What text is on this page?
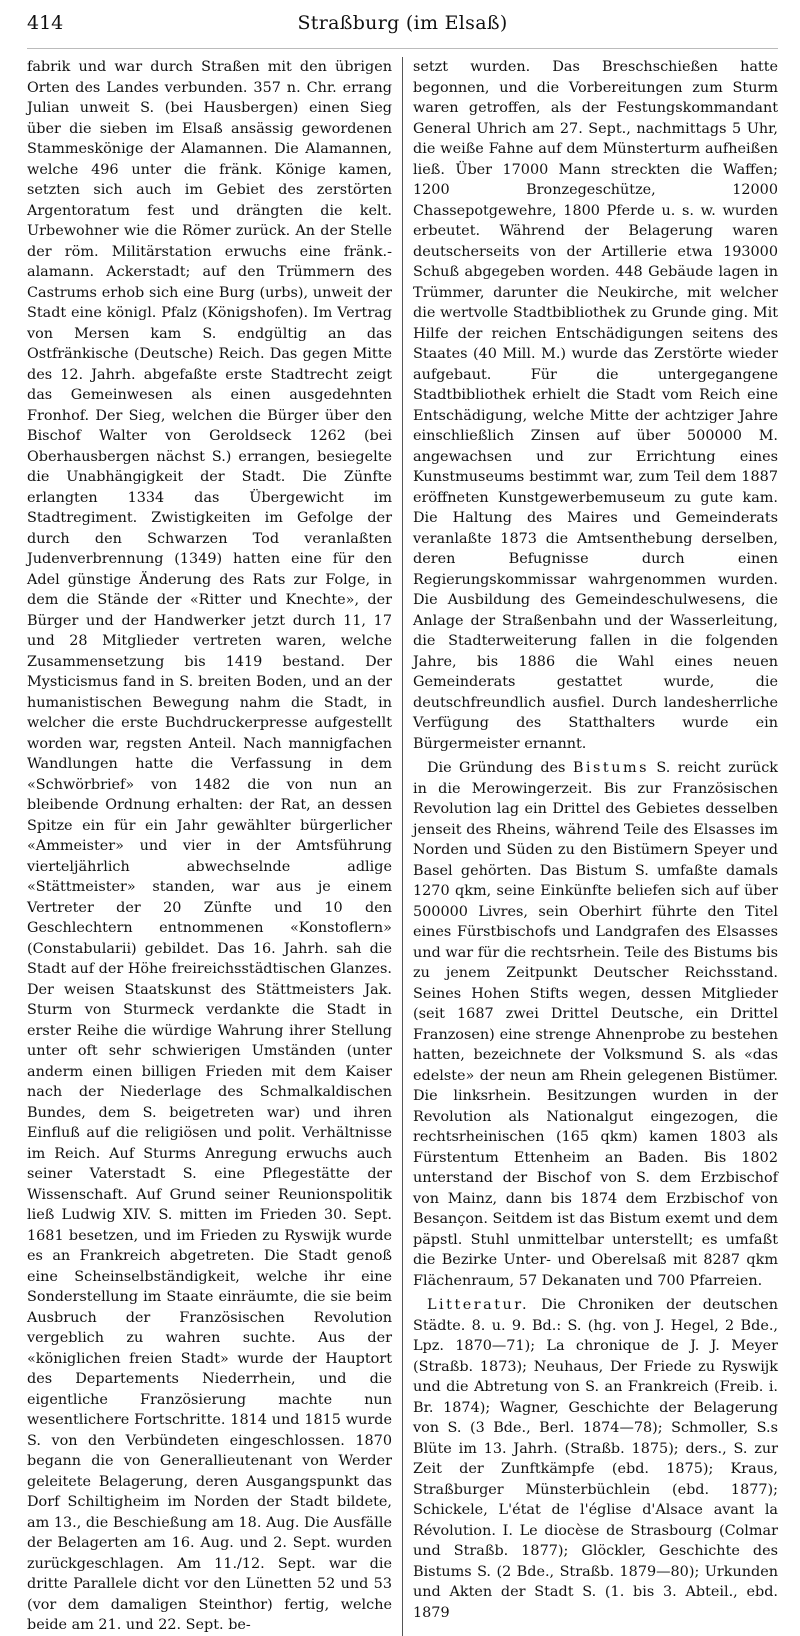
414	Straßburg (im Elsaß)

fabrik und war durch Straßen mit den übrigen Orten des Landes verbunden. 357 n. Chr. errang Julian unweit S. (bei Hausbergen) einen Sieg über die sieben im Elsaß ansässig gewordenen Stammeskönige der Alamannen. Die Alamannen, welche 496 unter die fränk. Könige kamen, setzten sich auch im Gebiet des zerstörten Argentoratum fest und drängten die kelt. Urbewohner wie die Römer zurück. An der Stelle der röm. Militärstation erwuchs eine fränk.-alamann. Ackerstadt; auf den Trümmern des Castrums erhob sich eine Burg (urbs), unweit der Stadt eine königl. Pfalz (Königshofen). Im Vertrag von Mersen kam S. endgültig an das Ostfränkische (Deutsche) Reich. Das gegen Mitte des 12. Jahrh. abgefaßte erste Stadtrecht zeigt das Gemeinwesen als einen ausgedehnten Fronhof. Der Sieg, welchen die Bürger über den Bischof Walter von Geroldseck 1262 (bei Oberhausbergen nächst S.) errangen, besiegelte die Unabhängigkeit der Stadt. Die Zünfte erlangten 1334 das Übergewicht im Stadtregiment. Zwistigkeiten im Gefolge der durch den Schwarzen Tod veranlaßten Judenverbrennung (1349) hatten eine für den Adel günstige Änderung des Rats zur Folge, in dem die Stände der «Ritter und Knechte», der Bürger und der Handwerker jetzt durch 11, 17 und 28 Mitglieder vertreten waren, welche Zusammensetzung bis 1419 bestand. Der Mysticismus fand in S. breiten Boden, und an der humanistischen Bewegung nahm die Stadt, in welcher die erste Buchdruckerpresse aufgestellt worden war, regsten Anteil. Nach mannigfachen Wandlungen hatte die Verfassung in dem «Schwörbrief» von 1482 die von nun an bleibende Ordnung erhalten: der Rat, an dessen Spitze ein für ein Jahr gewählter bürgerlicher «Ammeister» und vier in der Amtsführung vierteljährlich abwechselnde adlige «Stättmeister» standen, war aus je einem Vertreter der 20 Zünfte und 10 den Geschlechtern entnommenen «Konstoflern» (Constabularii) gebildet. Das 16. Jahrh. sah die Stadt auf der Höhe freireichsstädtischen Glanzes. Der weisen Staatskunst des Stättmeisters Jak. Sturm von Sturmeck verdankte die Stadt in erster Reihe die würdige Wahrung ihrer Stellung unter oft sehr schwierigen Umständen (unter anderm einen billigen Frieden mit dem Kaiser nach der Niederlage des Schmalkaldischen Bundes, dem S. beigetreten war) und ihren Einfluß auf die religiösen und polit. Verhältnisse im Reich. Auf Sturms Anregung erwuchs auch seiner Vaterstadt S. eine Pflegestätte der Wissenschaft. Auf Grund seiner Reunionspolitik ließ Ludwig XIV. S. mitten im Frieden 30. Sept. 1681 besetzen, und im Frieden zu Ryswijk wurde es an Frankreich abgetreten. Die Stadt genoß eine Scheinselbständigkeit, welche ihr eine Sonderstellung im Staate einräumte, die sie beim Ausbruch der Französischen Revolution vergeblich zu wahren suchte. Aus der «königlichen freien Stadt» wurde der Hauptort des Departements Niederrhein, und die eigentliche Französierung machte nun wesentlichere Fortschritte. 1814 und 1815 wurde S. von den Verbündeten eingeschlossen. 1870 begann die von Generallieutenant von Werder geleitete Belagerung, deren Ausgangspunkt das Dorf Schiltigheim im Norden der Stadt bildete, am 13., die Beschießung am 18. Aug. Die Ausfälle der Belagerten am 16. Aug. und 2. Sept. wurden zurückgeschlagen. Am 11./12. Sept. war die dritte Parallele dicht vor den Lünetten 52 und 53 (vor dem damaligen Steinthor) fertig, welche beide am 21. und 22. Sept. be-

setzt wurden. Das Breschschießen hatte begonnen, und die Vorbereitungen zum Sturm waren getroffen, als der Festungskommandant General Uhrich am 27. Sept., nachmittags 5 Uhr, die weiße Fahne auf dem Münsterturm aufheißen ließ. Über 17000 Mann streckten die Waffen; 1200 Bronzegeschütze, 12000 Chassepotgewehre, 1800 Pferde u. s. w. wurden erbeutet. Während der Belagerung waren deutscherseits von der Artillerie etwa 193000 Schuß abgegeben worden. 448 Gebäude lagen in Trümmer, darunter die Neukirche, mit welcher die wertvolle Stadtbibliothek zu Grunde ging. Mit Hilfe der reichen Entschädigungen seitens des Staates (40 Mill. M.) wurde das Zerstörte wieder aufgebaut. Für die untergegangene Stadtbibliothek erhielt die Stadt vom Reich eine Entschädigung, welche Mitte der achtziger Jahre einschließlich Zinsen auf über 500000 M. angewachsen und zur Errichtung eines Kunstmuseums bestimmt war, zum Teil dem 1887 eröffneten Kunstgewerbemuseum zu gute kam. Die Haltung des Maires und Gemeinderats veranlaßte 1873 die Amtsenthebung derselben, deren Befugnisse durch einen Regierungskommissar wahrgenommen wurden. Die Ausbildung des Gemeindeschulwesens, die Anlage der Straßenbahn und der Wasserleitung, die Stadterweiterung fallen in die folgenden Jahre, bis 1886 die Wahl eines neuen Gemeinderats gestattet wurde, die deutschfreundlich ausfiel. Durch landesherrliche Verfügung des Statthalters wurde ein Bürgermeister ernannt.

Die Gründung des Bistums S. reicht zurück in die Merowingerzeit. Bis zur Französischen Revolution lag ein Drittel des Gebietes desselben jenseit des Rheins, während Teile des Elsasses im Norden und Süden zu den Bistümern Speyer und Basel gehörten. Das Bistum S. umfaßte damals 1270 qkm, seine Einkünfte beliefen sich auf über 500000 Livres, sein Oberhirt führte den Titel eines Fürstbischofs und Landgrafen des Elsasses und war für die rechtsrhein. Teile des Bistums bis zu jenem Zeitpunkt Deutscher Reichsstand. Seines Hohen Stifts wegen, dessen Mitglieder (seit 1687 zwei Drittel Deutsche, ein Drittel Franzosen) eine strenge Ahnenprobe zu bestehen hatten, bezeichnete der Volksmund S. als «das edelste» der neun am Rhein gelegenen Bistümer. Die linksrhein. Besitzungen wurden in der Revolution als Nationalgut eingezogen, die rechtsrheinischen (165 qkm) kamen 1803 als Fürstentum Ettenheim an Baden. Bis 1802 unterstand der Bischof von S. dem Erzbischof von Mainz, dann bis 1874 dem Erzbischof von Besançon. Seitdem ist das Bistum exemt und dem päpstl. Stuhl unmittelbar unterstellt; es umfaßt die Bezirke Unter- und Oberelsaß mit 8287 qkm Flächenraum, 57 Dekanaten und 700 Pfarreien.

Litteratur. Die Chroniken der deutschen Städte. 8. u. 9. Bd.: S. (hg. von J. Hegel, 2 Bde., Lpz. 1870—71); La chronique de J. J. Meyer (Straßb. 1873); Neuhaus, Der Friede zu Ryswijk und die Abtretung von S. an Frankreich (Freib. i. Br. 1874); Wagner, Geschichte der Belagerung von S. (3 Bde., Berl. 1874—78); Schmoller, S.s Blüte im 13. Jahrh. (Straßb. 1875); ders., S. zur Zeit der Zunftkämpfe (ebd. 1875); Kraus, Straßburger Münsterbüchlein (ebd. 1877); Schickele, L'état de l'église d'Alsace avant la Révolution. I. Le diocèse de Strasbourg (Colmar und Straßb. 1877); Glöckler, Geschichte des Bistums S. (2 Bde., Straßb. 1879—80); Urkunden und Akten der Stadt S. (1. bis 3. Abteil., ebd. 1879
